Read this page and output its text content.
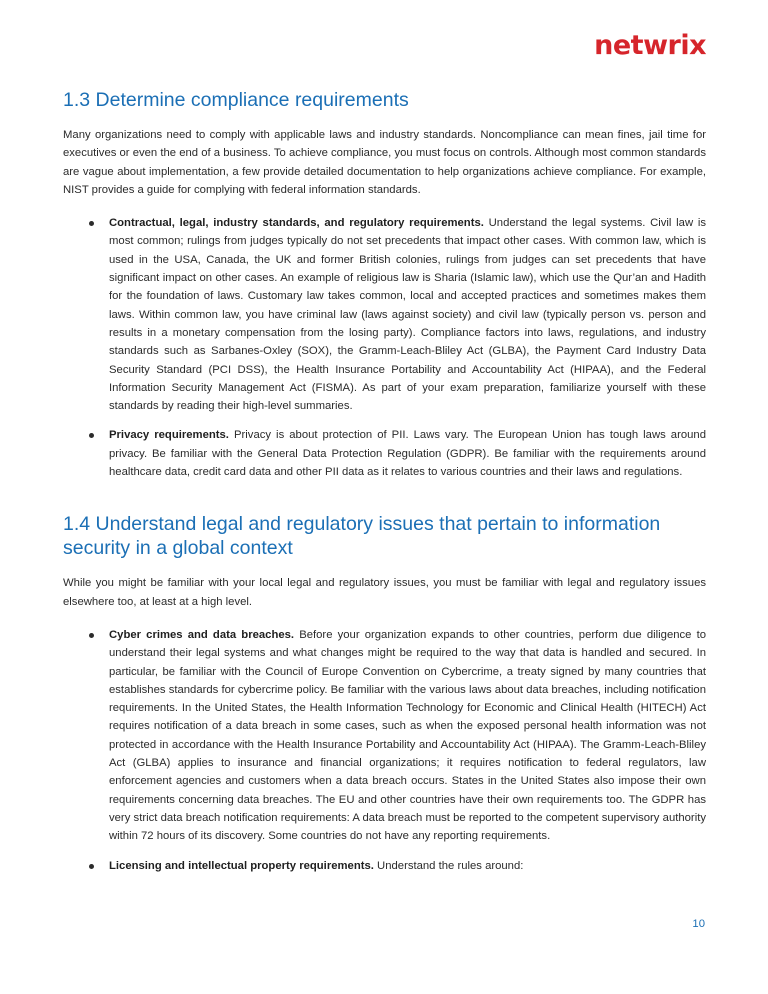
netwrix
1.3 Determine compliance requirements

Many organizations need to comply with applicable laws and industry standards. Noncompliance can mean fines, jail time for executives or even the end of a business. To achieve compliance, you must focus on controls. Although most common standards are vague about implementation, a few provide detailed documentation to help organizations achieve compliance. For example, NIST provides a guide for complying with federal information standards.

Contractual, legal, industry standards, and regulatory requirements. Understand the legal systems. Civil law is most common; rulings from judges typically do not set precedents that impact other cases. With common law, which is used in the USA, Canada, the UK and former British colonies, rulings from judges can set precedents that have significant impact on other cases. An example of religious law is Sharia (Islamic law), which use the Qur’an and Hadith for the foundation of laws. Customary law takes common, local and accepted practices and sometimes makes them laws. Within common law, you have criminal law (laws against society) and civil law (typically person vs. person and results in a monetary compensation from the losing party). Compliance factors into laws, regulations, and industry standards such as Sarbanes-Oxley (SOX), the Gramm-Leach-Bliley Act (GLBA), the Payment Card Industry Data Security Standard (PCI DSS), the Health Insurance Portability and Accountability Act (HIPAA), and the Federal Information Security Management Act (FISMA). As part of your exam preparation, familiarize yourself with these standards by reading their high-level summaries.

Privacy requirements. Privacy is about protection of PII. Laws vary. The European Union has tough laws around privacy. Be familiar with the General Data Protection Regulation (GDPR). Be familiar with the requirements around healthcare data, credit card data and other PII data as it relates to various countries and their laws and regulations.

1.4 Understand legal and regulatory issues that pertain to information security in a global context

While you might be familiar with your local legal and regulatory issues, you must be familiar with legal and regulatory issues elsewhere too, at least at a high level.

Cyber crimes and data breaches. Before your organization expands to other countries, perform due diligence to understand their legal systems and what changes might be required to the way that data is handled and secured. In particular, be familiar with the Council of Europe Convention on Cybercrime, a treaty signed by many countries that establishes standards for cybercrime policy. Be familiar with the various laws about data breaches, including notification requirements. In the United States, the Health Information Technology for Economic and Clinical Health (HITECH) Act requires notification of a data breach in some cases, such as when the exposed personal health information was not protected in accordance with the Health Insurance Portability and Accountability Act (HIPAA). The Gramm-Leach-Bliley Act (GLBA) applies to insurance and financial organizations; it requires notification to federal regulators, law enforcement agencies and customers when a data breach occurs. States in the United States also impose their own requirements concerning data breaches. The EU and other countries have their own requirements too. The GDPR has very strict data breach notification requirements: A data breach must be reported to the competent supervisory authority within 72 hours of its discovery. Some countries do not have any reporting requirements.

Licensing and intellectual property requirements. Understand the rules around:

10
